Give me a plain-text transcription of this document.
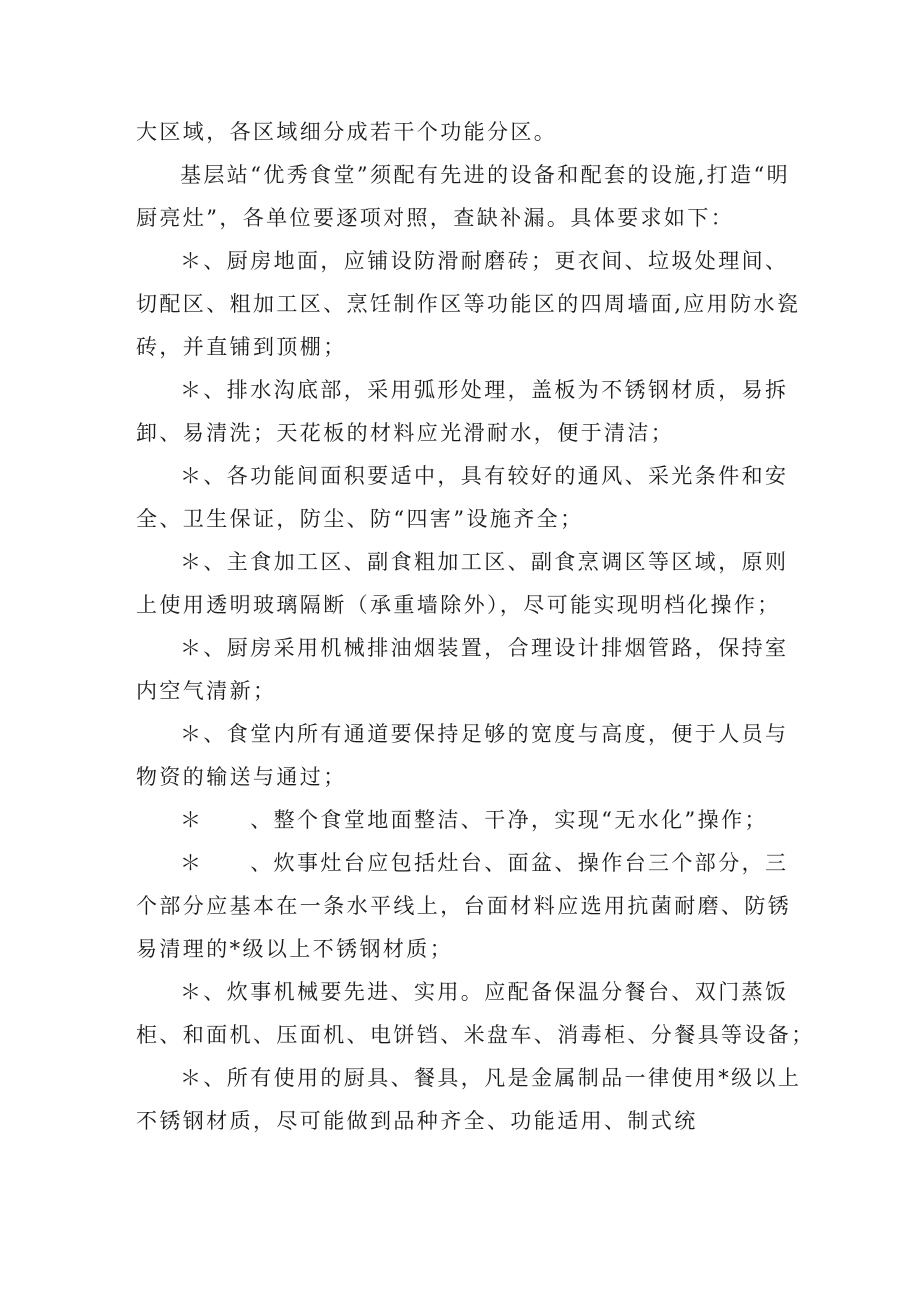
大区域，各区域细分成若干个功能分区。
基层站“优秀食堂”须配有先进的设备和配套的设施,打造“明
厨亮灶”，各单位要逐项对照，查缺补漏。具体要求如下：
＊、厨房地面，应铺设防滑耐磨砖；更衣间、垃圾处理间、
切配区、粗加工区、烹饪制作区等功能区的四周墙面,应用防水瓷
砖，并直铺到顶棚；
＊、排水沟底部，采用弧形处理，盖板为不锈钢材质，易拆
卸、易清洗；天花板的材料应光滑耐水，便于清洁；
＊、各功能间面积要适中，具有较好的通风、采光条件和安
全、卫生保证，防尘、防“四害”设施齐全；
＊、主食加工区、副食粗加工区、副食烹调区等区域，原则
上使用透明玻璃隔断（承重墙除外），尽可能实现明档化操作；
＊、厨房采用机械排油烟装置，合理设计排烟管路，保持室
内空气清新；
＊、食堂内所有通道要保持足够的宽度与高度，便于人员与
物资的输送与通过；
＊　　、整个食堂地面整洁、干净，实现“无水化”操作；
＊　　、炊事灶台应包括灶台、面盆、操作台三个部分，三
个部分应基本在一条水平线上，台面材料应选用抗菌耐磨、防锈
易清理的*级以上不锈钢材质；
＊、炊事机械要先进、实用。应配备保温分餐台、双门蒸饭
柜、和面机、压面机、电饼铛、米盘车、消毒柜、分餐具等设备；
＊、所有使用的厨具、餐具，凡是金属制品一律使用*级以上
不锈钢材质，尽可能做到品种齐全、功能适用、制式统
